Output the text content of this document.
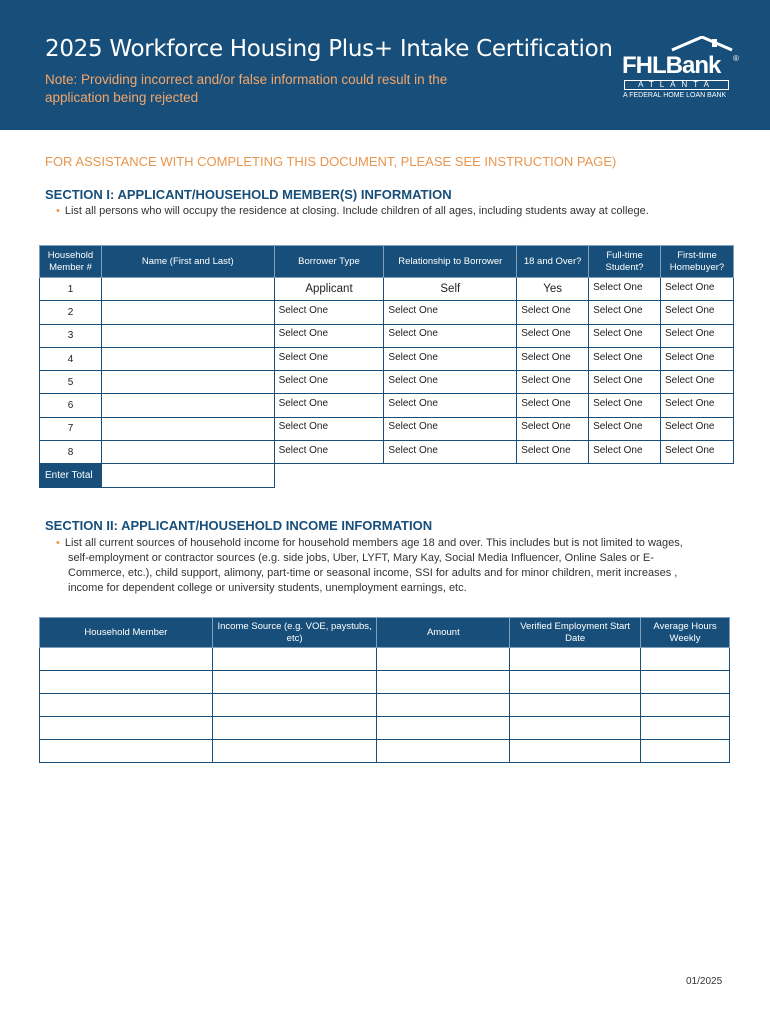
2025 Workforce Housing Plus+ Intake Certification
Note: Providing incorrect and/or false information could result in the application being rejected
FHLBank ®
ATLANTA
A FEDERAL HOME LOAN BANK
FOR ASSISTANCE WITH COMPLETING THIS DOCUMENT, PLEASE SEE INSTRUCTION PAGE)
SECTION I: APPLICANT/HOUSEHOLD MEMBER(S) INFORMATION
• List all persons who will occupy the residence at closing. Include children of all ages, including students away at college.
Household Member #	Name (First and Last)	Borrower Type	Relationship to Borrower	18 and Over?	Full-time Student?	First-time Homebuyer?
1		Applicant	Self	Yes	Select One	Select One
2		Select One	Select One	Select One	Select One	Select One
3		Select One	Select One	Select One	Select One	Select One
4		Select One	Select One	Select One	Select One	Select One
5		Select One	Select One	Select One	Select One	Select One
6		Select One	Select One	Select One	Select One	Select One
7		Select One	Select One	Select One	Select One	Select One
8		Select One	Select One	Select One	Select One	Select One
Enter Total						
SECTION II: APPLICANT/HOUSEHOLD INCOME INFORMATION
• List all current sources of household income for household members age 18 and over. This includes but is not limited to wages, self-employment or contractor sources (e.g. side jobs, Uber, LYFT, Mary Kay, Social Media Influencer, Online Sales or E-Commerce, etc.), child support, alimony, part-time or seasonal income, SSI for adults and for minor children, merit increases , income for dependent college or university students, unemployment earnings, etc.
Household Member	Income Source (e.g. VOE, paystubs, etc)	Amount	Verified Employment Start Date	Average Hours Weekly

01/2025
